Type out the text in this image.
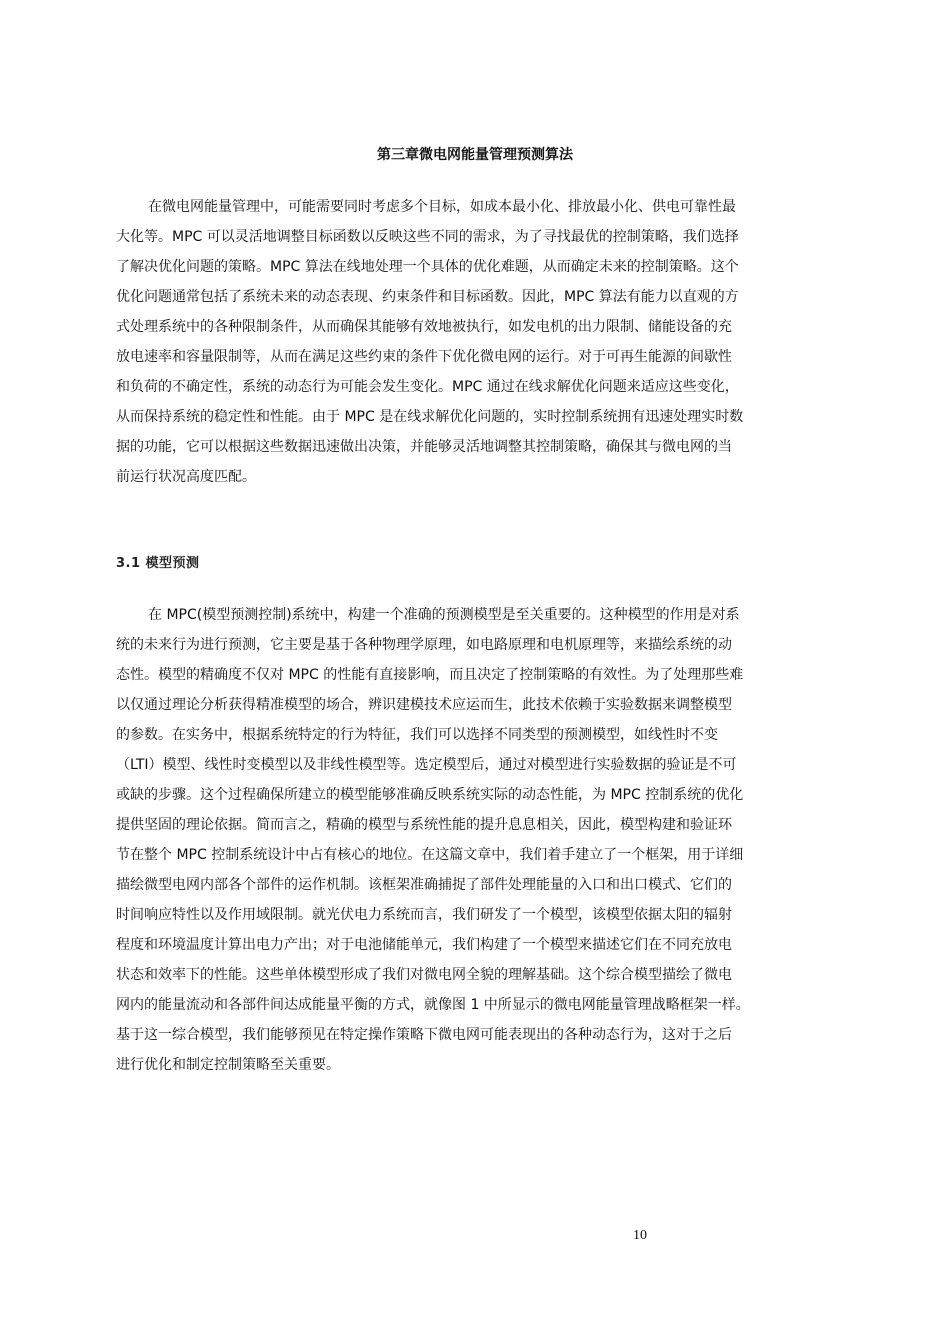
第三章微电网能量管理预测算法

在微电网能量管理中，可能需要同时考虑多个目标，如成本最小化、排放最小化、供电可靠性最

大化等。MPC 可以灵活地调整目标函数以反映这些不同的需求，为了寻找最优的控制策略，我们选择

了解决优化问题的策略。MPC 算法在线地处理一个具体的优化难题，从而确定未来的控制策略。这个

优化问题通常包括了系统未来的动态表现、约束条件和目标函数。因此，MPC 算法有能力以直观的方

式处理系统中的各种限制条件，从而确保其能够有效地被执行，如发电机的出力限制、储能设备的充

放电速率和容量限制等，从而在满足这些约束的条件下优化微电网的运行。对于可再生能源的间歇性

和负荷的不确定性，系统的动态行为可能会发生变化。MPC 通过在线求解优化问题来适应这些变化，

从而保持系统的稳定性和性能。由于 MPC 是在线求解优化问题的，实时控制系统拥有迅速处理实时数

据的功能，它可以根据这些数据迅速做出决策，并能够灵活地调整其控制策略，确保其与微电网的当

前运行状况高度匹配。

3.1 模型预测

在 MPC(模型预测控制)系统中，构建一个准确的预测模型是至关重要的。这种模型的作用是对系

统的未来行为进行预测，它主要是基于各种物理学原理，如电路原理和电机原理等，来描绘系统的动

态性。模型的精确度不仅对 MPC 的性能有直接影响，而且决定了控制策略的有效性。为了处理那些难

以仅通过理论分析获得精准模型的场合，辨识建模技术应运而生，此技术依赖于实验数据来调整模型

的参数。在实务中，根据系统特定的行为特征，我们可以选择不同类型的预测模型，如线性时不变

（LTI）模型、线性时变模型以及非线性模型等。选定模型后，通过对模型进行实验数据的验证是不可

或缺的步骤。这个过程确保所建立的模型能够准确反映系统实际的动态性能，为 MPC 控制系统的优化

提供坚固的理论依据。简而言之，精确的模型与系统性能的提升息息相关，因此，模型构建和验证环

节在整个 MPC 控制系统设计中占有核心的地位。在这篇文章中，我们着手建立了一个框架，用于详细

描绘微型电网内部各个部件的运作机制。该框架准确捕捉了部件处理能量的入口和出口模式、它们的

时间响应特性以及作用域限制。就光伏电力系统而言，我们研发了一个模型，该模型依据太阳的辐射

程度和环境温度计算出电力产出；对于电池储能单元，我们构建了一个模型来描述它们在不同充放电

状态和效率下的性能。这些单体模型形成了我们对微电网全貌的理解基础。这个综合模型描绘了微电

网内的能量流动和各部件间达成能量平衡的方式，就像图 1 中所显示的微电网能量管理战略框架一样。

基于这一综合模型，我们能够预见在特定操作策略下微电网可能表现出的各种动态行为，这对于之后

进行优化和制定控制策略至关重要。

10
